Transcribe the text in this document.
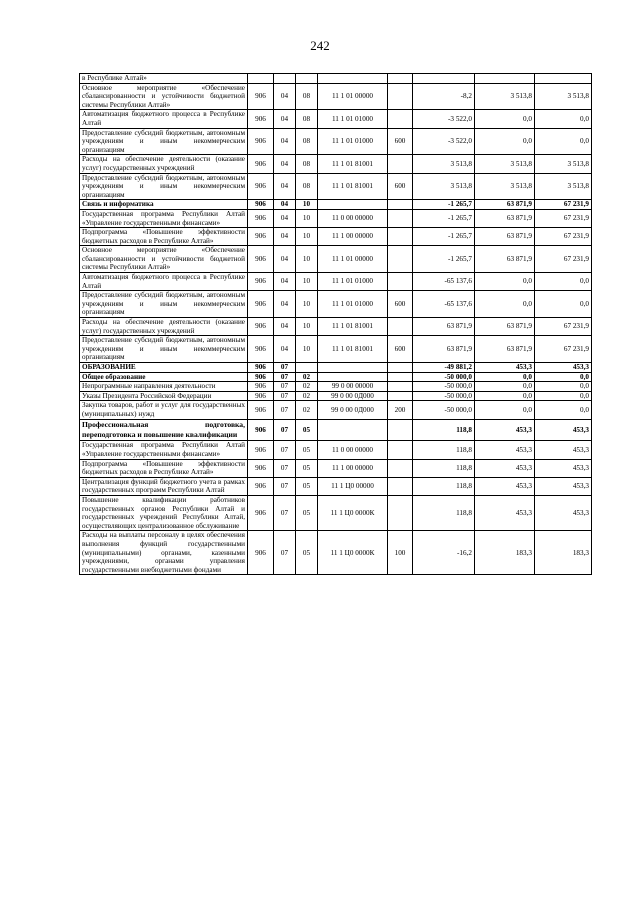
242
в Республике Алтай»								
Основное мероприятие «Обеспечение сбалансированности и устойчивости бюджетной системы Республики Алтай»	906	04	08	11 1 01 00000		-8,2	3 513,8	3 513,8
Автоматизация бюджетного процесса в Республике Алтай	906	04	08	11 1 01 01000		-3 522,0	0,0	0,0
Предоставление субсидий бюджетным, автономным учреждениям и иным некоммерческим организациям	906	04	08	11 1 01 01000	600	-3 522,0	0,0	0,0
Расходы на обеспечение деятельности (оказание услуг) государственных учреждений	906	04	08	11 1 01 81001		3 513,8	3 513,8	3 513,8
Предоставление субсидий бюджетным, автономным учреждениям и иным некоммерческим организациям	906	04	08	11 1 01 81001	600	3 513,8	3 513,8	3 513,8
Связь и информатика	906	04	10			-1 265,7	63 871,9	67 231,9
Государственная программа Республики Алтай «Управление государственными финансами»	906	04	10	11 0 00 00000		-1 265,7	63 871,9	67 231,9
Подпрограмма «Повышение эффективности бюджетных расходов в Республике Алтай»	906	04	10	11 1 00 00000		-1 265,7	63 871,9	67 231,9
Основное мероприятие «Обеспечение сбалансированности и устойчивости бюджетной системы Республики Алтай»	906	04	10	11 1 01 00000		-1 265,7	63 871,9	67 231,9
Автоматизация бюджетного процесса в Республике Алтай	906	04	10	11 1 01 01000		-65 137,6	0,0	0,0
Предоставление субсидий бюджетным, автономным учреждениям и иным некоммерческим организациям	906	04	10	11 1 01 01000	600	-65 137,6	0,0	0,0
Расходы на обеспечение деятельности (оказание услуг) государственных учреждений	906	04	10	11 1 01 81001		63 871,9	63 871,9	67 231,9
Предоставление субсидий бюджетным, автономным учреждениям и иным некоммерческим организациям	906	04	10	11 1 01 81001	600	63 871,9	63 871,9	67 231,9
ОБРАЗОВАНИЕ	906	07				-49 881,2	453,3	453,3
Общее образование	906	07	02			-50 000,0	0,0	0,0
Непрограммные направления деятельности	906	07	02	99 0 00 00000		-50 000,0	0,0	0,0
Указы Президента Российской Федерации	906	07	02	99 0 00 0Д000		-50 000,0	0,0	0,0
Закупка товаров, работ и услуг для государственных (муниципальных) нужд	906	07	02	99 0 00 0Д000	200	-50 000,0	0,0	0,0
Профессиональная подготовка, переподготовка и повышение квалификации	906	07	05			118,8	453,3	453,3
Государственная программа Республики Алтай «Управление государственными финансами»	906	07	05	11 0 00 00000		118,8	453,3	453,3
Подпрограмма «Повышение эффективности бюджетных расходов в Республике Алтай»	906	07	05	11 1 00 00000		118,8	453,3	453,3
Централизация функций бюджетного учета в рамках государственных программ Республики Алтай	906	07	05	11 1 Ц0 00000		118,8	453,3	453,3
Повышение квалификации работников государственных органов Республики Алтай и государственных учреждений Республики Алтай, осуществляющих централизованное обслуживание	906	07	05	11 1 Ц0 0000К		118,8	453,3	453,3
Расходы на выплаты персоналу в целях обеспечения выполнения функций государственными (муниципальными) органами, казенными учреждениями, органами управления государственными внебюджетными фондами	906	07	05	11 1 Ц0 0000К	100	-16,2	183,3	183,3
